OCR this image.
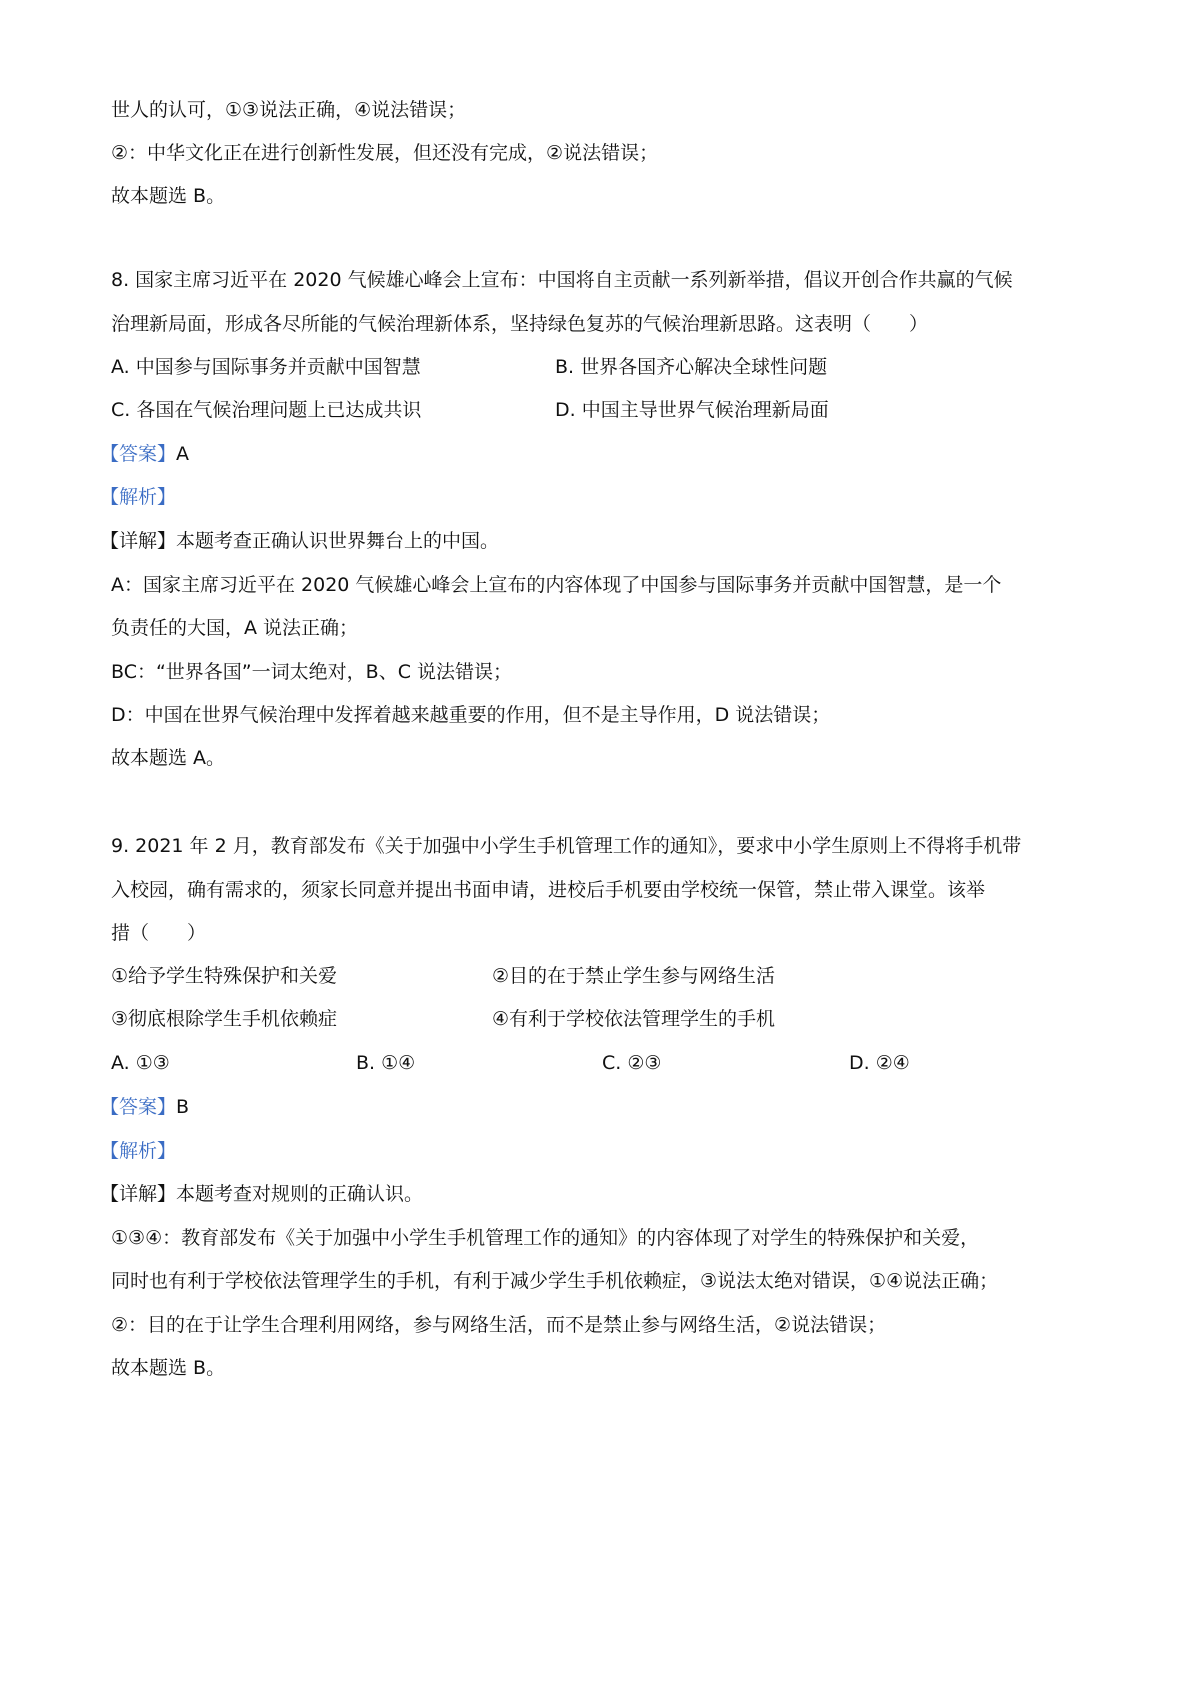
世人的认可，①③说法正确，④说法错误；
②：中华文化正在进行创新性发展，但还没有完成，②说法错误；
故本题选 B。
8. 国家主席习近平在 2020 气候雄心峰会上宣布：中国将自主贡献一系列新举措，倡议开创合作共赢的气候
治理新局面，形成各尽所能的气候治理新体系，坚持绿色复苏的气候治理新思路。这表明（　　）
A. 中国参与国际事务并贡献中国智慧	B. 世界各国齐心解决全球性问题
C. 各国在气候治理问题上已达成共识	D. 中国主导世界气候治理新局面
【答案】A
【解析】
【详解】本题考查正确认识世界舞台上的中国。
A：国家主席习近平在 2020 气候雄心峰会上宣布的内容体现了中国参与国际事务并贡献中国智慧，是一个
负责任的大国，A 说法正确；
BC：“世界各国”一词太绝对，B、C 说法错误；
D：中国在世界气候治理中发挥着越来越重要的作用，但不是主导作用，D 说法错误；
故本题选 A。
9. 2021 年 2 月，教育部发布《关于加强中小学生手机管理工作的通知》，要求中小学生原则上不得将手机带
入校园，确有需求的，须家长同意并提出书面申请，进校后手机要由学校统一保管，禁止带入课堂。该举
措（　　）
①给予学生特殊保护和关爱	②目的在于禁止学生参与网络生活
③彻底根除学生手机依赖症	④有利于学校依法管理学生的手机
A. ①③	B. ①④	C. ②③	D. ②④
【答案】B
【解析】
【详解】本题考查对规则的正确认识。
①③④：教育部发布《关于加强中小学生手机管理工作的通知》的内容体现了对学生的特殊保护和关爱，
同时也有利于学校依法管理学生的手机，有利于减少学生手机依赖症，③说法太绝对错误，①④说法正确；
②：目的在于让学生合理利用网络，参与网络生活，而不是禁止参与网络生活，②说法错误；
故本题选 B。
